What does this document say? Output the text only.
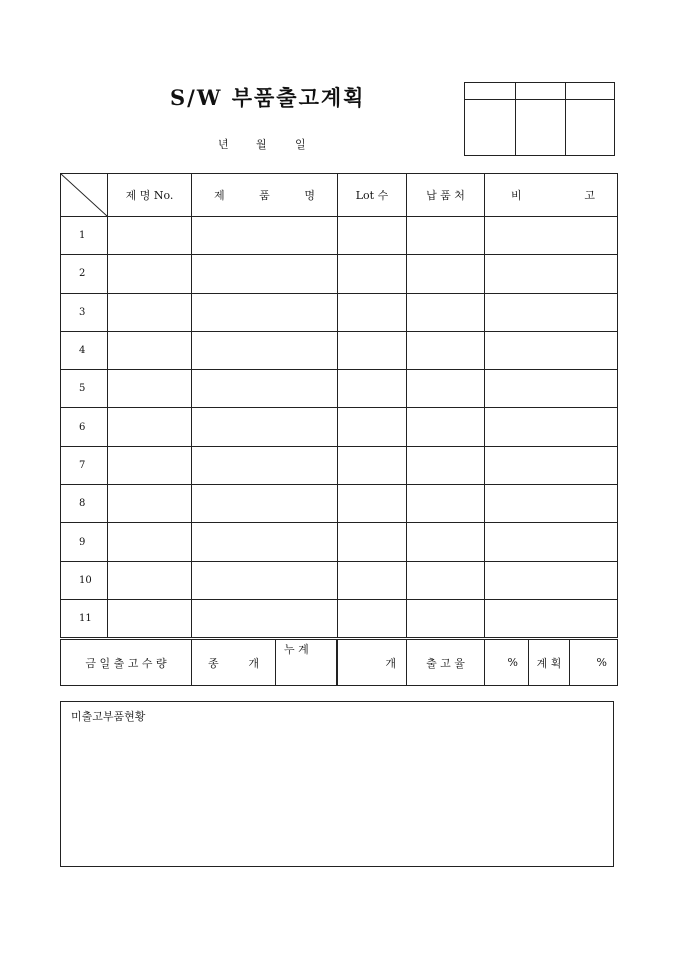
S/W 부품출고계획
년 월	일

	제 명 No.	제 품 명		Lot 수	납 품 처	비 고		

1								
2								
3								
4								
5								
6								
7								
8								
9								
10								
11								
금 일 출 고 수 량		종 개	누 계	개	출 고 율	%	계 획	%
미출고부품현황
